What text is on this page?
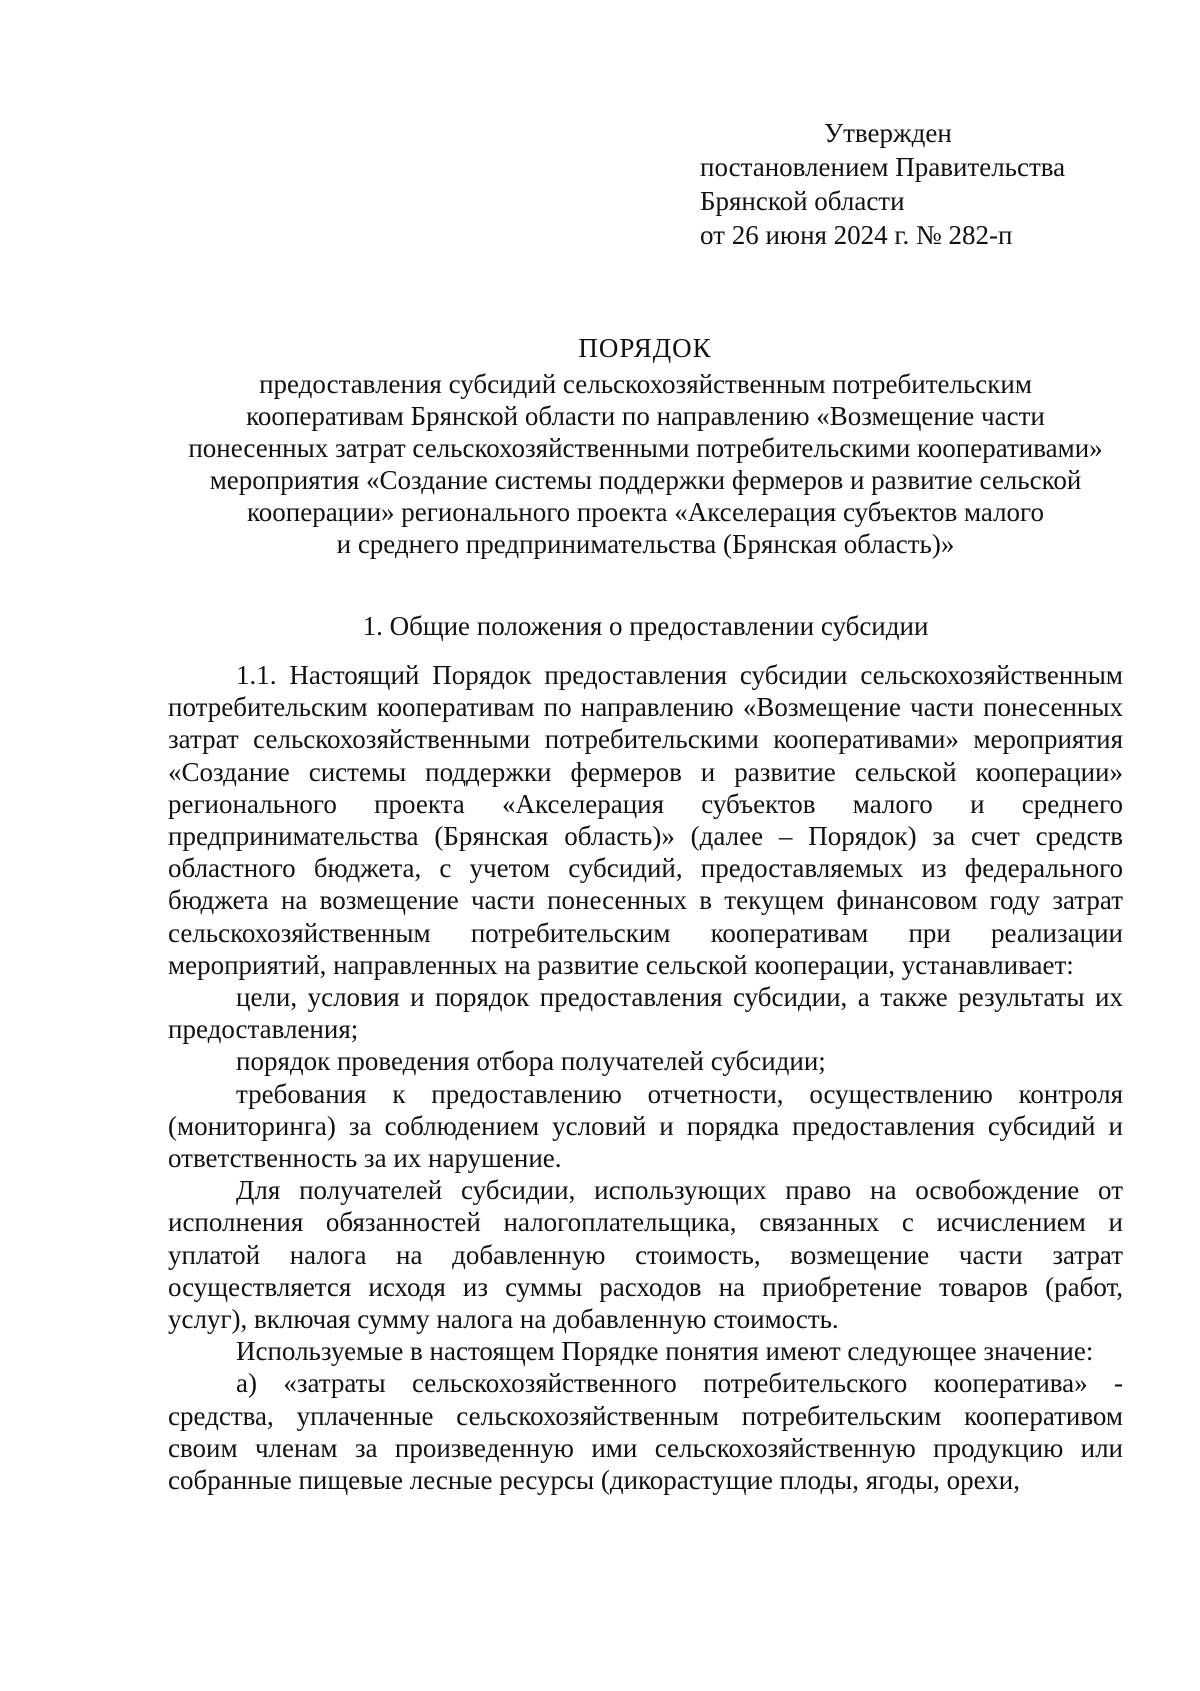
Утвержден
постановлением Правительства
Брянской области
от 26 июня 2024 г. № 282-п
ПОРЯДОК
предоставления субсидий сельскохозяйственным потребительским
кооперативам Брянской области по направлению «Возмещение части
понесенных затрат сельскохозяйственными потребительскими кооперативами»
мероприятия «Создание системы поддержки фермеров и развитие сельской
кооперации» регионального проекта «Акселерация субъектов малого
и среднего предпринимательства (Брянская область)»
1. Общие положения о предоставлении субсидии

1.1. Настоящий Порядок предоставления субсидии сельскохозяйственным потребительским кооперативам по направлению «Возмещение части понесенных затрат сельскохозяйственными потребительскими кооперативами» мероприятия «Создание системы поддержки фермеров и развитие сельской кооперации» регионального проекта «Акселерация субъектов малого и среднего предпринимательства (Брянская область)» (далее – Порядок) за счет средств областного бюджета, с учетом субсидий, предоставляемых из федерального бюджета на возмещение части понесенных в текущем финансовом году затрат сельскохозяйственным потребительским кооперативам при реализации мероприятий, направленных на развитие сельской кооперации, устанавливает:

цели, условия и порядок предоставления субсидии, а также результаты их предоставления;

порядок проведения отбора получателей субсидии;

требования к предоставлению отчетности, осуществлению контроля (мониторинга) за соблюдением условий и порядка предоставления субсидий и ответственность за их нарушение.

Для получателей субсидии, использующих право на освобождение от исполнения обязанностей налогоплательщика, связанных с исчислением и уплатой налога на добавленную стоимость, возмещение части затрат осуществляется исходя из суммы расходов на приобретение товаров (работ, услуг), включая сумму налога на добавленную стоимость.

Используемые в настоящем Порядке понятия имеют следующее значение:

а) «затраты сельскохозяйственного потребительского кооператива» - средства, уплаченные сельскохозяйственным потребительским кооперативом своим членам за произведенную ими сельскохозяйственную продукцию или собранные пищевые лесные ресурсы (дикорастущие плоды, ягоды, орехи,
